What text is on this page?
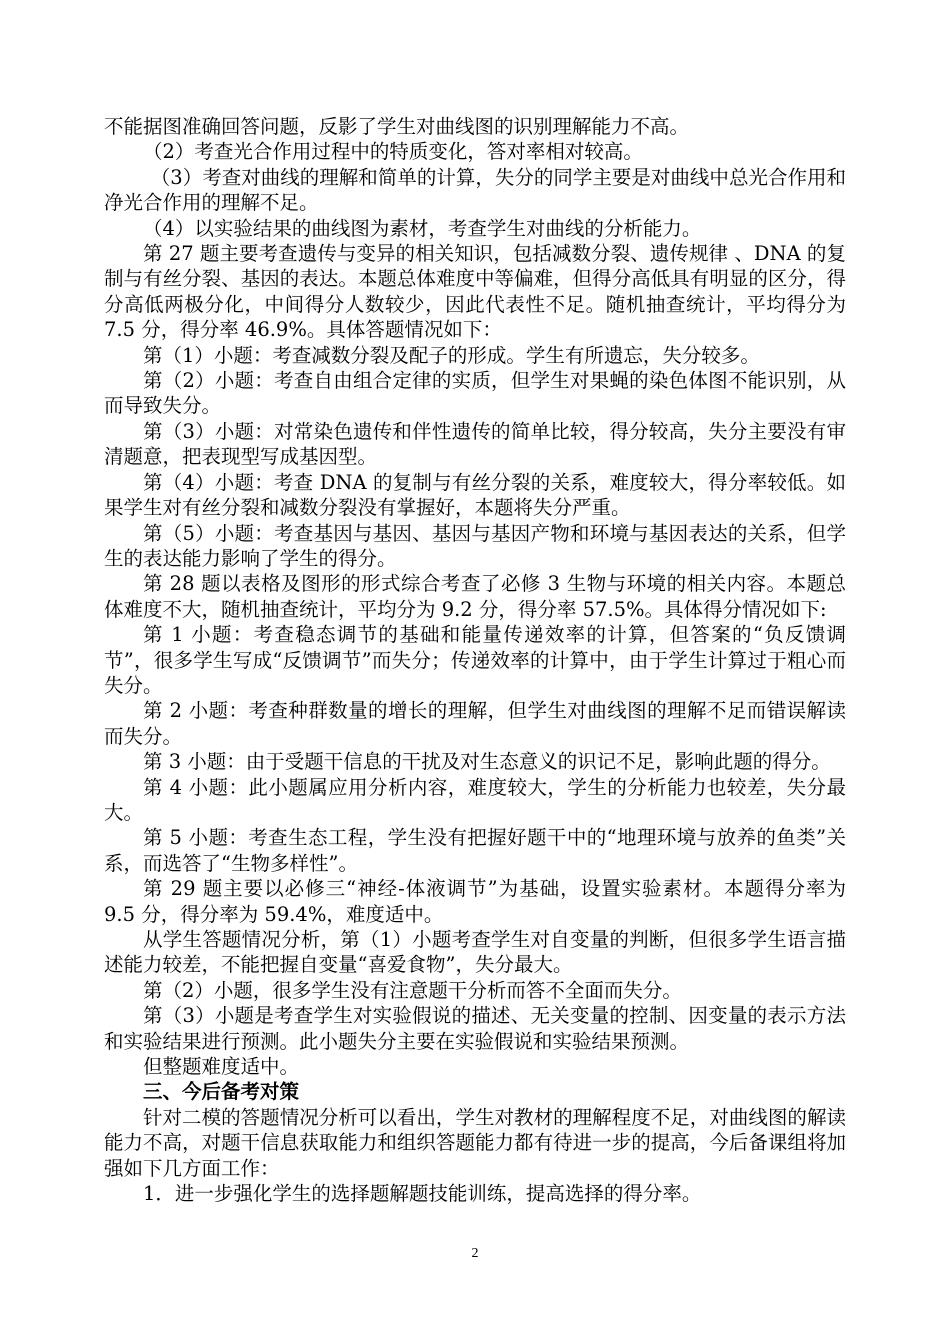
不能据图准确回答问题，反影了学生对曲线图的识别理解能力不高。

（2）考查光合作用过程中的特质变化，答对率相对较高。

（3）考查对曲线的理解和简单的计算，失分的同学主要是对曲线中总光合作用和净光合作用的理解不足。

（4）以实验结果的曲线图为素材，考查学生对曲线的分析能力。

第 27 题主要考查遗传与变异的相关知识，包括减数分裂、遗传规律 、DNA 的复制与有丝分裂、基因的表达。本题总体难度中等偏难，但得分高低具有明显的区分，得分高低两极分化，中间得分人数较少，因此代表性不足。随机抽查统计，平均得分为 7.5 分，得分率 46.9%。具体答题情况如下：

第（1）小题：考查减数分裂及配子的形成。学生有所遗忘，失分较多。

第（2）小题：考查自由组合定律的实质，但学生对果蝇的染色体图不能识别，从而导致失分。

第（3）小题：对常染色遗传和伴性遗传的简单比较，得分较高，失分主要没有审清题意，把表现型写成基因型。

第（4）小题：考查 DNA 的复制与有丝分裂的关系，难度较大，得分率较低。如果学生对有丝分裂和减数分裂没有掌握好，本题将失分严重。

第（5）小题：考查基因与基因、基因与基因产物和环境与基因表达的关系，但学生的表达能力影响了学生的得分。

第 28 题以表格及图形的形式综合考查了必修 3 生物与环境的相关内容。本题总体难度不大，随机抽查统计，平均分为 9.2 分，得分率 57.5%。具体得分情况如下:

第 1 小题：考查稳态调节的基础和能量传递效率的计算，但答案的“负反馈调节”，很多学生写成“反馈调节”而失分；传递效率的计算中，由于学生计算过于粗心而失分。

第 2 小题：考查种群数量的增长的理解，但学生对曲线图的理解不足而错误解读而失分。

第 3 小题：由于受题干信息的干扰及对生态意义的识记不足，影响此题的得分。

第 4 小题：此小题属应用分析内容，难度较大，学生的分析能力也较差，失分最大。

第 5 小题：考查生态工程，学生没有把握好题干中的“地理环境与放养的鱼类”关系，而选答了“生物多样性”。

第 29 题主要以必修三“神经-体液调节”为基础，设置实验素材。本题得分率为 9.5 分，得分率为 59.4%，难度适中。

从学生答题情况分析，第（1）小题考查学生对自变量的判断，但很多学生语言描述能力较差，不能把握自变量“喜爱食物”，失分最大。

第（2）小题，很多学生没有注意题干分析而答不全面而失分。

第（3）小题是考查学生对实验假说的描述、无关变量的控制、因变量的表示方法和实验结果进行预测。此小题失分主要在实验假说和实验结果预测。

但整题难度适中。

三、今后备考对策

针对二模的答题情况分析可以看出，学生对教材的理解程度不足，对曲线图的解读能力不高，对题干信息获取能力和组织答题能力都有待进一步的提高，今后备课组将加强如下几方面工作：

1．进一步强化学生的选择题解题技能训练，提高选择的得分率。

2
